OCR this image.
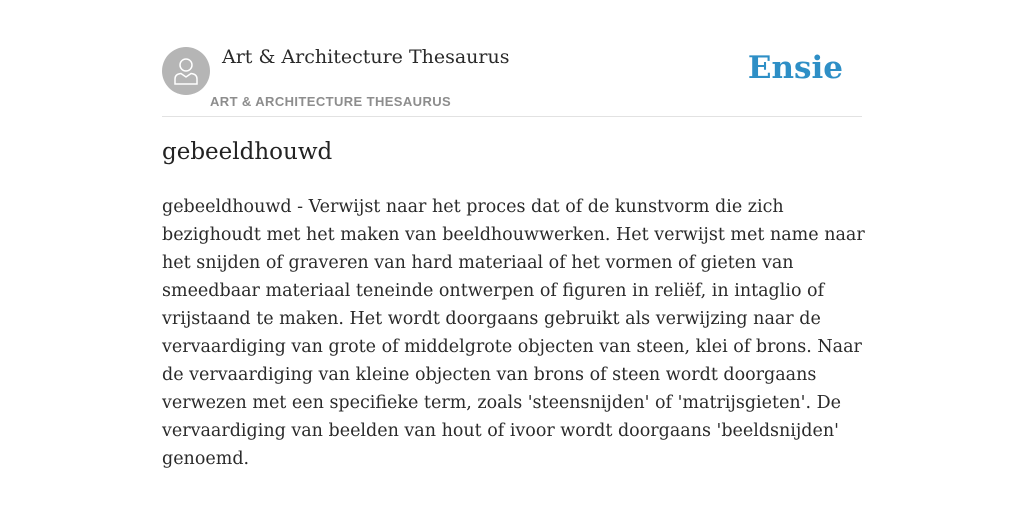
Art & Architecture Thesaurus
ART & ARCHITECTURE THESAURUS
Ensie
gebeeldhouwd

gebeeldhouwd - Verwijst naar het proces dat of de kunstvorm die zich bezighoudt met het maken van beeldhouwwerken. Het verwijst met name naar het snijden of graveren van hard materiaal of het vormen of gieten van smeedbaar materiaal teneinde ontwerpen of figuren in reliëf, in intaglio of vrijstaand te maken. Het wordt doorgaans gebruikt als verwijzing naar de vervaardiging van grote of middelgrote objecten van steen, klei of brons. Naar de vervaardiging van kleine objecten van brons of steen wordt doorgaans verwezen met een specifieke term, zoals 'steensnijden' of 'matrijsgieten'. De vervaardiging van beelden van hout of ivoor wordt doorgaans 'beeldsnijden' genoemd.
